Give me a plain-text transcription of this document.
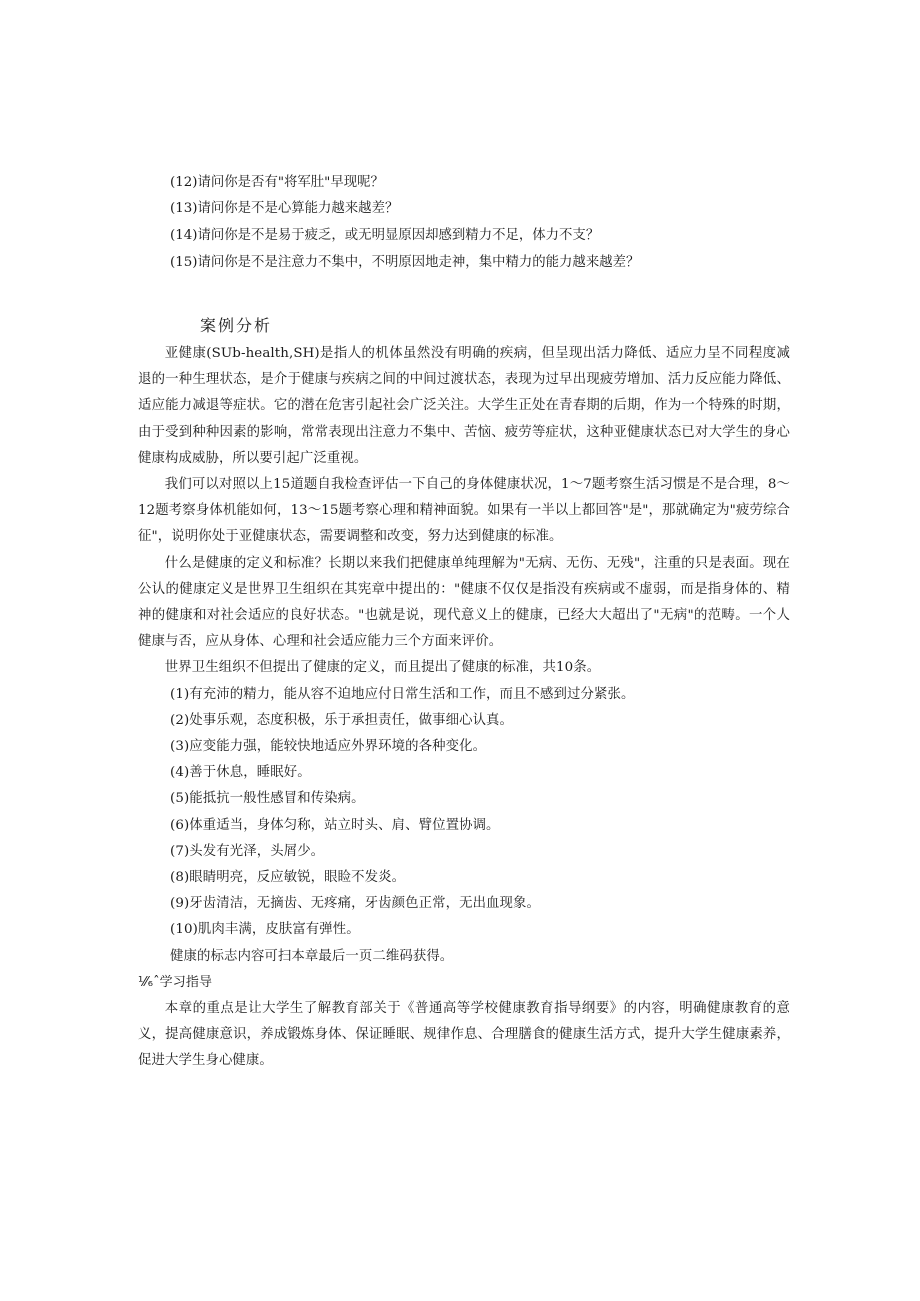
(12)请问你是否有"将军肚"早现呢？
(13)请问你是不是心算能力越来越差？
(14)请问你是不是易于疲乏，或无明显原因却感到精力不足，体力不支？
(15)请问你是不是注意力不集中，不明原因地走神，集中精力的能力越来越差？
案例分析

亚健康(SUb-health,SH)是指人的机体虽然没有明确的疾病，但呈现出活力降低、适应力呈不同程度减退的一种生理状态，是介于健康与疾病之间的中间过渡状态，表现为过早出现疲劳增加、活力反应能力降低、适应能力减退等症状。它的潜在危害引起社会广泛关注。大学生正处在青春期的后期，作为一个特殊的时期，由于受到种种因素的影响，常常表现出注意力不集中、苦恼、疲劳等症状，这种亚健康状态已对大学生的身心健康构成威胁，所以要引起广泛重视。

我们可以对照以上15道题自我检查评估一下自己的身体健康状况，1～7题考察生活习惯是不是合理，8～12题考察身体机能如何，13～15题考察心理和精神面貌。如果有一半以上都回答"是"，那就确定为"疲劳综合征"，说明你处于亚健康状态，需要调整和改变，努力达到健康的标准。

什么是健康的定义和标准？长期以来我们把健康单纯理解为"无病、无伤、无残"，注重的只是表面。现在公认的健康定义是世界卫生组织在其宪章中提出的："健康不仅仅是指没有疾病或不虚弱，而是指身体的、精神的健康和对社会适应的良好状态。"也就是说，现代意义上的健康，已经大大超出了"无病"的范畴。一个人健康与否，应从身体、心理和社会适应能力三个方面来评价。

世界卫生组织不但提出了健康的定义，而且提出了健康的标准，共10条。

(1)有充沛的精力，能从容不迫地应付日常生活和工作，而且不感到过分紧张。

(2)处事乐观，态度积极，乐于承担责任，做事细心认真。

(3)应变能力强，能较快地适应外界环境的各种变化。

(4)善于休息，睡眠好。

(5)能抵抗一般性感冒和传染病。

(6)体重适当，身体匀称，站立时头、肩、臂位置协调。

(7)头发有光泽，头屑少。

(8)眼睛明亮，反应敏锐，眼睑不发炎。

(9)牙齿清洁，无摘齿、无疼痛，牙齿颜色正常，无出血现象。

(10)肌肉丰满，皮肤富有弹性。

健康的标志内容可扫本章最后一页二维码获得。

⅟⁄₆ˆ学习指导

本章的重点是让大学生了解教育部关于《普通高等学校健康教育指导纲要》的内容，明确健康教育的意义，提高健康意识，养成锻炼身体、保证睡眠、规律作息、合理膳食的健康生活方式，提升大学生健康素养，促进大学生身心健康。
